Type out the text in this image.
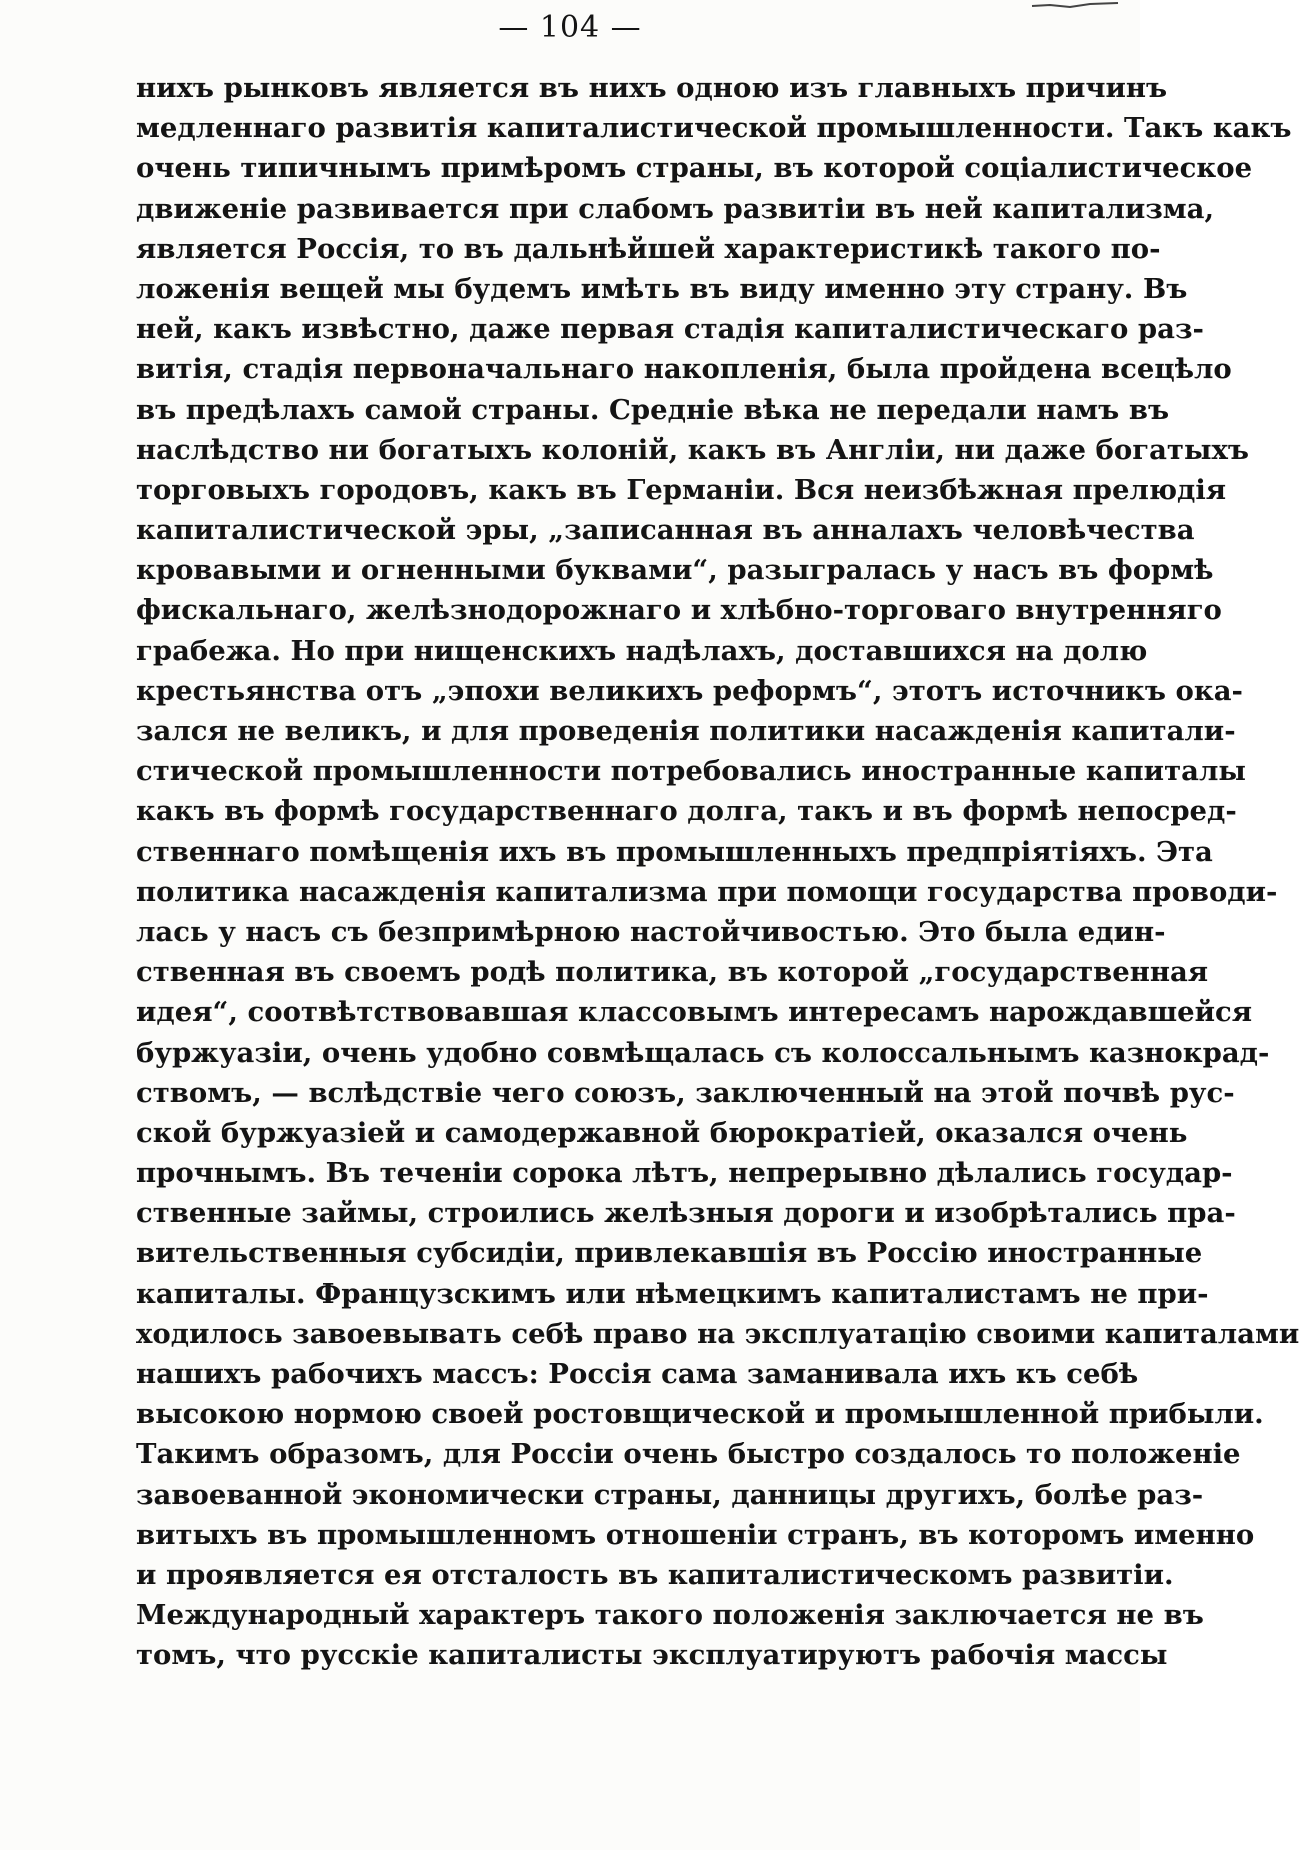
— 104 —
нихъ рынковъ является въ нихъ одною изъ главныхъ причинъ
медленнаго развитія капиталистической промышленности. Такъ какъ
очень типичнымъ примѣромъ страны, въ которой соціалистическое
движеніе развивается при слабомъ развитіи въ ней капитализма,
является Россія, то въ дальнѣйшей характеристикѣ такого по-
ложенія вещей мы будемъ имѣть въ виду именно эту страну. Въ
ней, какъ извѣстно, даже первая стадія капиталистическаго раз-
витія, стадія первоначальнаго накопленія, была пройдена всецѣло
въ предѣлахъ самой страны. Средніе вѣка не передали намъ въ
наслѣдство ни богатыхъ колоній, какъ въ Англіи, ни даже богатыхъ
торговыхъ городовъ, какъ въ Германіи. Вся неизбѣжная прелюдія
капиталистической эры, „записанная въ анналахъ человѣчества
кровавыми и огненными буквами“, разыгралась у насъ въ формѣ
фискальнаго, желѣзнодорожнаго и хлѣбно-торговаго внутренняго
грабежа. Но при нищенскихъ надѣлахъ, доставшихся на долю
крестьянства отъ „эпохи великихъ реформъ“, этотъ источникъ ока-
зался не великъ, и для проведенія политики насажденія капитали-
стической промышленности потребовались иностранные капиталы
какъ въ формѣ государственнаго долга, такъ и въ формѣ непосред-
ственнаго помѣщенія ихъ въ промышленныхъ предпріятіяхъ. Эта
политика насажденія капитализма при помощи государства проводи-
лась у насъ съ безпримѣрною настойчивостью. Это была един-
ственная въ своемъ родѣ политика, въ которой „государственная
идея“, соотвѣтствовавшая классовымъ интересамъ нарождавшейся
буржуазіи, очень удобно совмѣщалась съ колоссальнымъ казнокрад-
ствомъ, — вслѣдствіе чего союзъ, заключенный на этой почвѣ рус-
ской буржуазіей и самодержавной бюрократіей, оказался очень
прочнымъ. Въ теченіи сорока лѣтъ, непрерывно дѣлались государ-
ственные займы, строились желѣзныя дороги и изобрѣтались пра-
вительственныя субсидіи, привлекавшія въ Россію иностранные
капиталы. Французскимъ или нѣмецкимъ капиталистамъ не при-
ходилось завоевывать себѣ право на эксплуатацію своими капиталами
нашихъ рабочихъ массъ: Россія сама заманивала ихъ къ себѣ
высокою нормою своей ростовщической и промышленной прибыли.
Такимъ образомъ, для Россіи очень быстро создалось то положеніе
завоеванной экономически страны, данницы другихъ, болѣе раз-
витыхъ въ промышленномъ отношеніи странъ, въ которомъ именно
и проявляется ея отсталость въ капиталистическомъ развитіи.
Международный характеръ такого положенія заключается не въ
томъ, что русскіе капиталисты эксплуатируютъ рабочія массы
